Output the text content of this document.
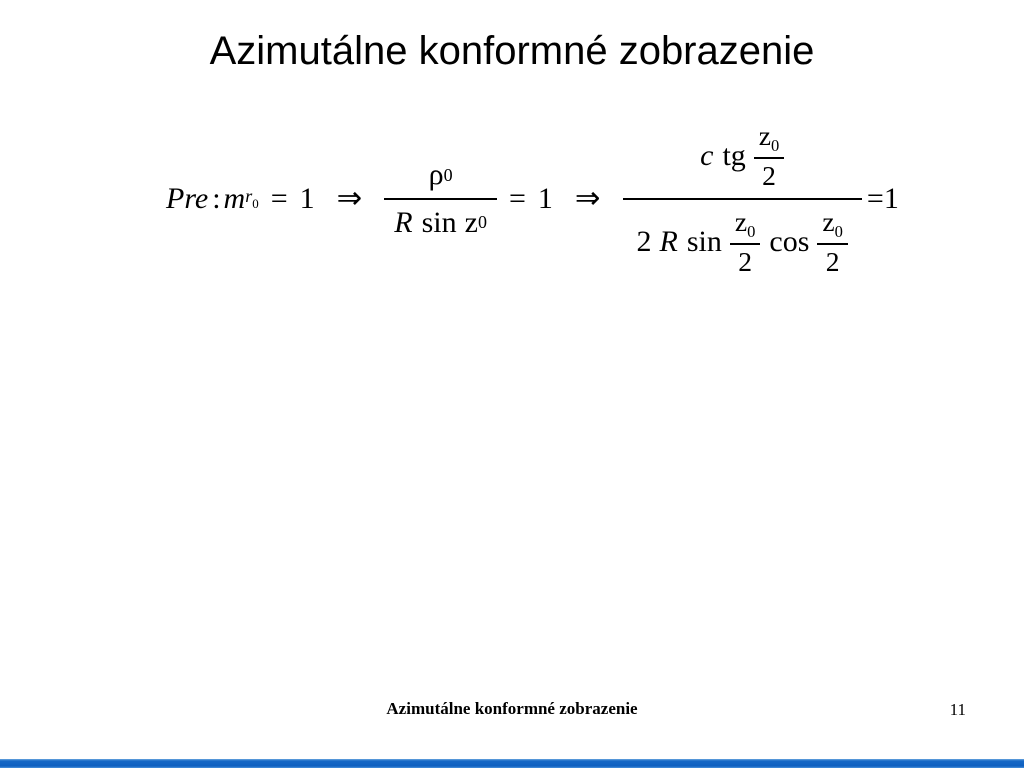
Azimutálne konformné zobrazenie
Pre : m r0 = 1 ⇒ $\frac{\rho 0}{\text{R sin z 0}} = 1$ ⇒ $\frac{c tg \frac{z0}{2}}{2 R \sin \frac{z0}{2} \cos \frac{z0}{2}} = 1$
Azimutálne konformné zobrazenie	11
